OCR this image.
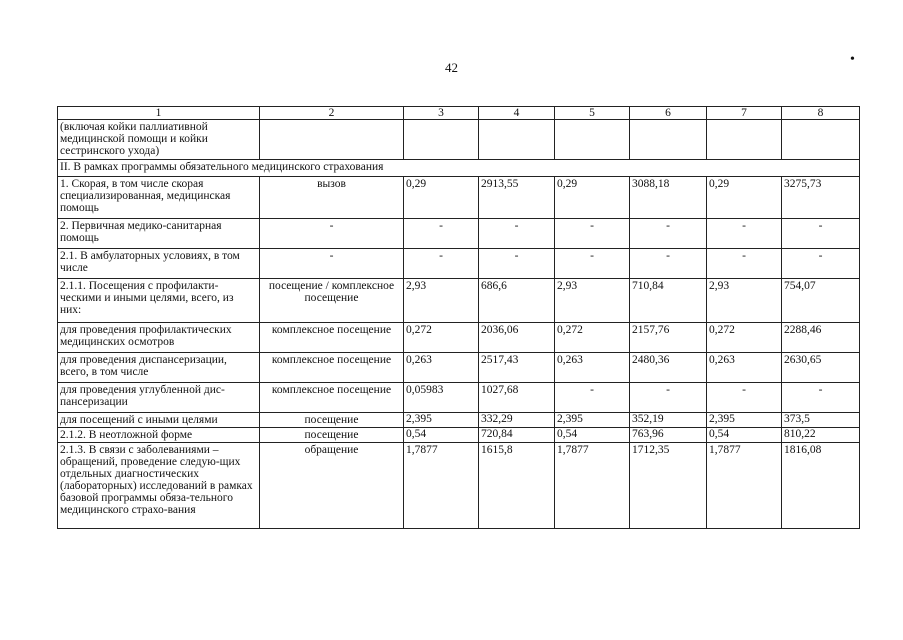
42
•
1	2	3	4	5	6	7	8
(включая койки паллиативной медицинской помощи и койки сестринского ухода)							
II. В рамках программы обязательного медицинского страхования							
1. Скорая, в том числе скорая специализированная, медицинская помощь	вызов	0,29	2913,55	0,29	3088,18	0,29	3275,73
2. Первичная медико-санитарная помощь	-	-	-	-	-	-	-
2.1. В амбулаторных условиях, в том числе	-	-	-	-	-	-	-
2.1.1. Посещения с профилакти-ческими и иными целями, всего, из них:	посещение / комплексное посещение	2,93	686,6	2,93	710,84	2,93	754,07
для проведения профилактических медицинских осмотров	комплексное посещение	0,272	2036,06	0,272	2157,76	0,272	2288,46
для проведения диспансеризации, всего, в том числе	комплексное посещение	0,263	2517,43	0,263	2480,36	0,263	2630,65
для проведения углубленной дис-пансеризации	комплексное посещение	0,05983	1027,68	-	-	-	-
для посещений с иными целями	посещение	2,395	332,29	2,395	352,19	2,395	373,5
2.1.2. В неотложной форме	посещение	0,54	720,84	0,54	763,96	0,54	810,22
2.1.3. В связи с заболеваниями – обращений, проведение следую-щих отдельных диагностических (лабораторных) исследований в рамках базовой программы обяза-тельного медицинского страхо-вания	обращение	1,7877	1615,8	1,7877	1712,35	1,7877	1816,08
